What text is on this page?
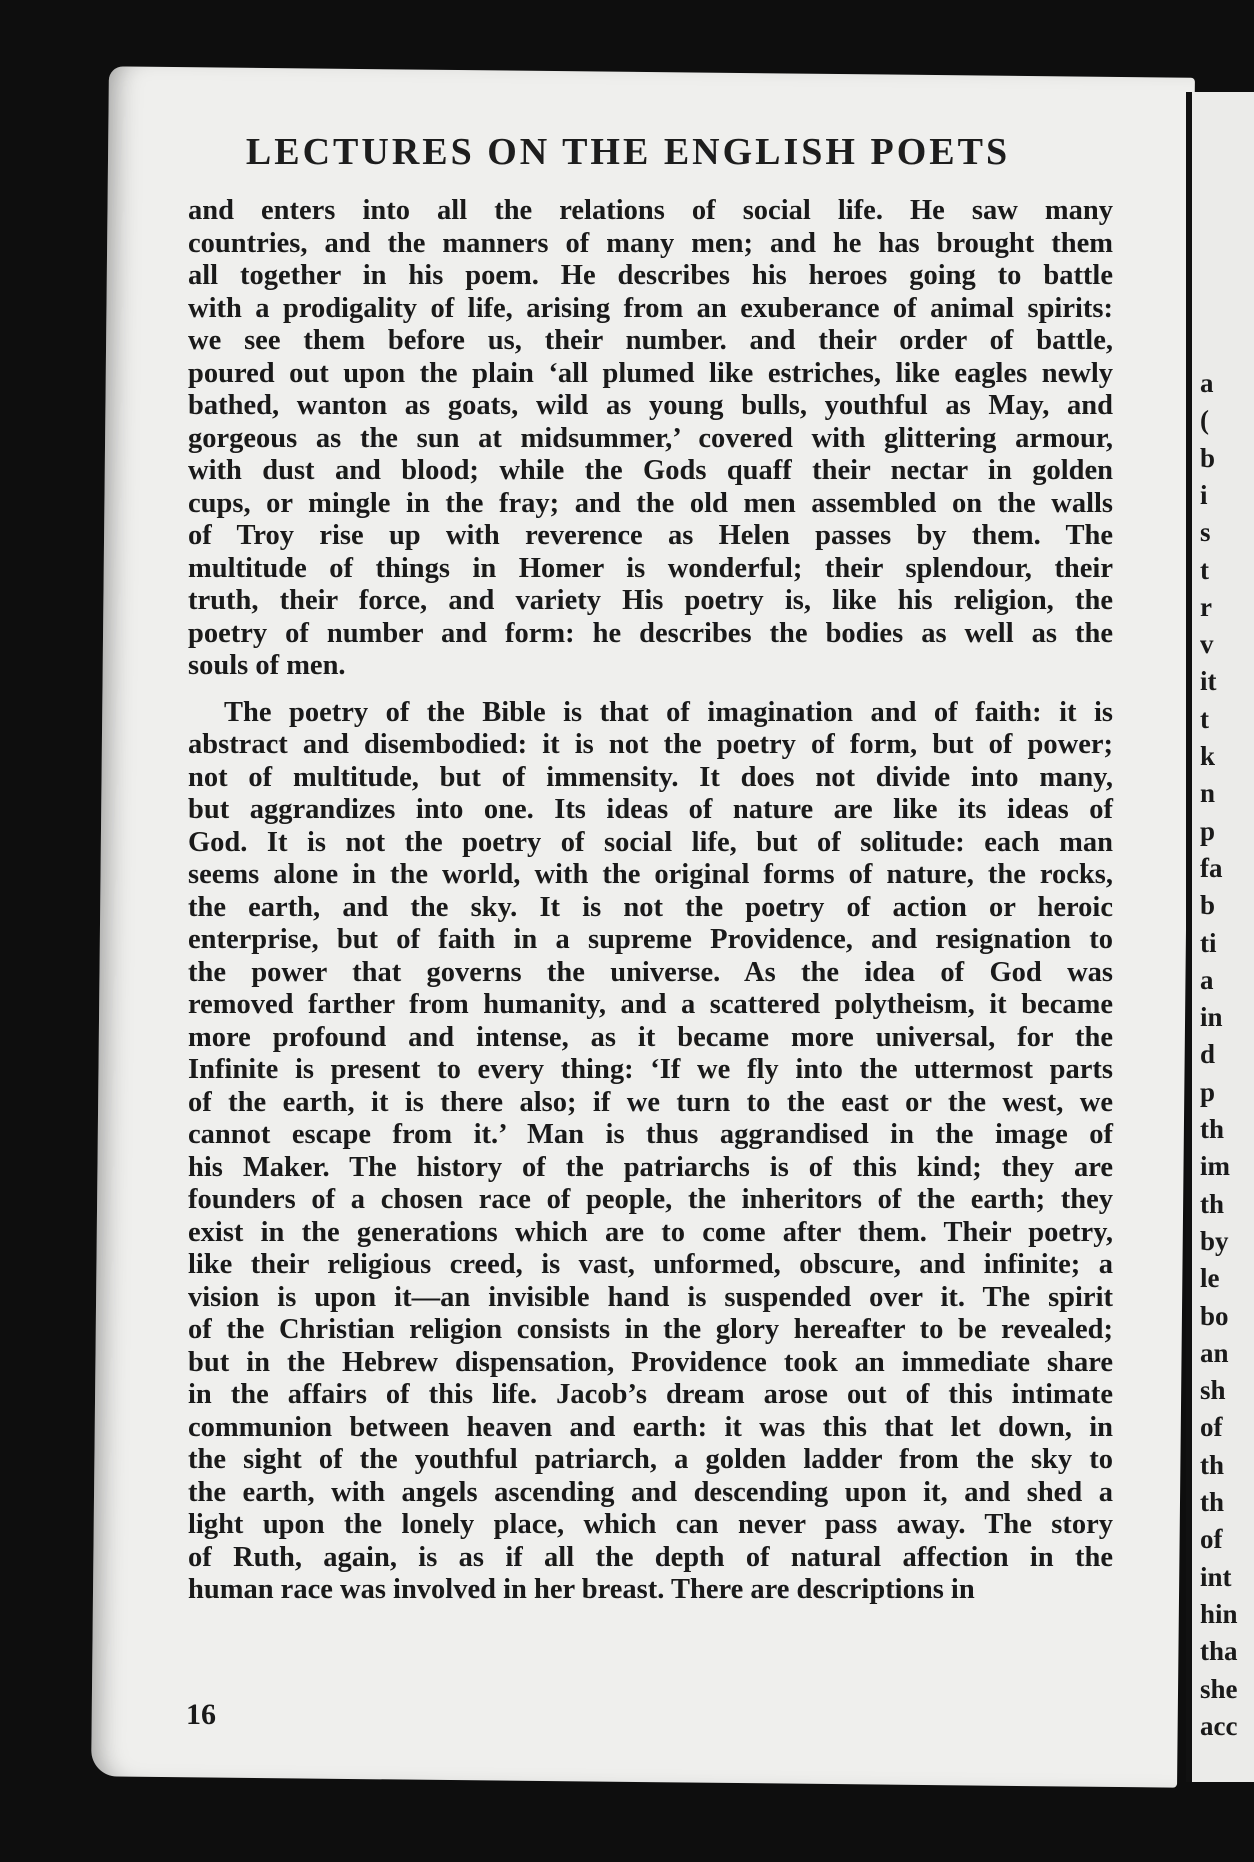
a
(
b
i
s
t
r
v
it
t
k
n
p
fa
b
ti
a
in
d
p
th
im
th
by
le
bo
an
sh
of
th
th
of
int
hin
tha
she
acc
LECTURES ON THE ENGLISH POETS
and enters into all the relations of social life. He saw many
countries, and the manners of many men; and he has brought them
all together in his poem. He describes his heroes going to battle
with a prodigality of life, arising from an exuberance of animal spirits:
we see them before us, their number. and their order of battle,
poured out upon the plain ‘all plumed like estriches, like eagles newly
bathed, wanton as goats, wild as young bulls, youthful as May, and
gorgeous as the sun at midsummer,’ covered with glittering armour,
with dust and blood; while the Gods quaff their nectar in golden
cups, or mingle in the fray; and the old men assembled on the walls
of Troy rise up with reverence as Helen passes by them. The
multitude of things in Homer is wonderful; their splendour, their
truth, their force, and variety His poetry is, like his religion, the
poetry of number and form: he describes the bodies as well as the
souls of men.
The poetry of the Bible is that of imagination and of faith: it is
abstract and disembodied: it is not the poetry of form, but of power;
not of multitude, but of immensity. It does not divide into many,
but aggrandizes into one. Its ideas of nature are like its ideas of
God. It is not the poetry of social life, but of solitude: each man
seems alone in the world, with the original forms of nature, the rocks,
the earth, and the sky. It is not the poetry of action or heroic
enterprise, but of faith in a supreme Providence, and resignation to
the power that governs the universe. As the idea of God was
removed farther from humanity, and a scattered polytheism, it became
more profound and intense, as it became more universal, for the
Infinite is present to every thing: ‘If we fly into the uttermost parts
of the earth, it is there also; if we turn to the east or the west, we
cannot escape from it.’ Man is thus aggrandised in the image of
his Maker. The history of the patriarchs is of this kind; they are
founders of a chosen race of people, the inheritors of the earth; they
exist in the generations which are to come after them. Their poetry,
like their religious creed, is vast, unformed, obscure, and infinite; a
vision is upon it—an invisible hand is suspended over it. The spirit
of the Christian religion consists in the glory hereafter to be revealed;
but in the Hebrew dispensation, Providence took an immediate share
in the affairs of this life. Jacob’s dream arose out of this intimate
communion between heaven and earth: it was this that let down, in
the sight of the youthful patriarch, a golden ladder from the sky to
the earth, with angels ascending and descending upon it, and shed a
light upon the lonely place, which can never pass away. The story
of Ruth, again, is as if all the depth of natural affection in the
human race was involved in her breast. There are descriptions in
16
